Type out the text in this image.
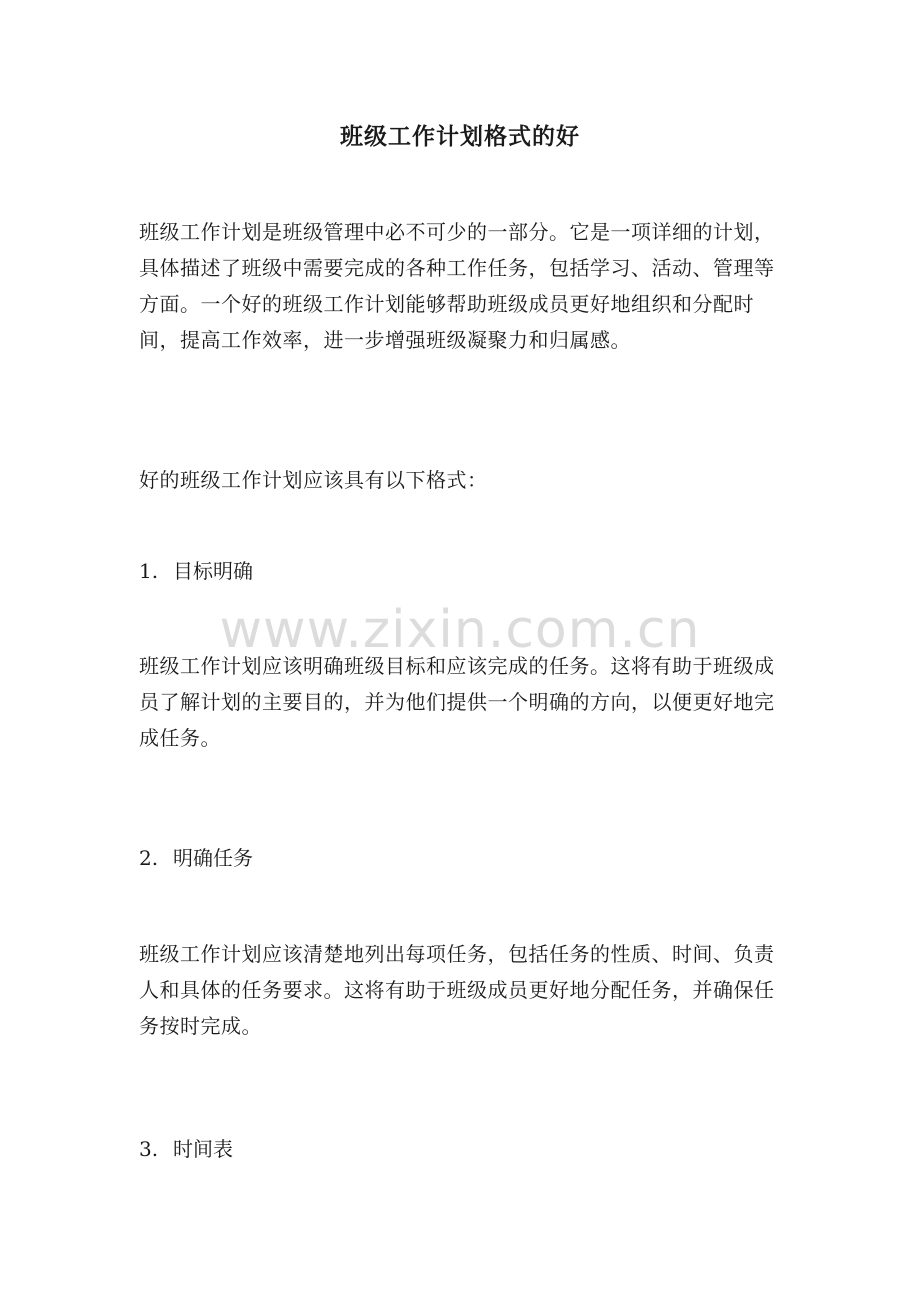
班级工作计划格式的好

班级工作计划是班级管理中必不可少的一部分。它是一项详细的计划，具体描述了班级中需要完成的各种工作任务，包括学习、活动、管理等方面。一个好的班级工作计划能够帮助班级成员更好地组织和分配时间，提高工作效率，进一步增强班级凝聚力和归属感。

好的班级工作计划应该具有以下格式：

1. 目标明确

班级工作计划应该明确班级目标和应该完成的任务。这将有助于班级成员了解计划的主要目的，并为他们提供一个明确的方向，以便更好地完成任务。

2. 明确任务

班级工作计划应该清楚地列出每项任务，包括任务的性质、时间、负责人和具体的任务要求。这将有助于班级成员更好地分配任务，并确保任务按时完成。

3. 时间表
www.zixin.com.cn
